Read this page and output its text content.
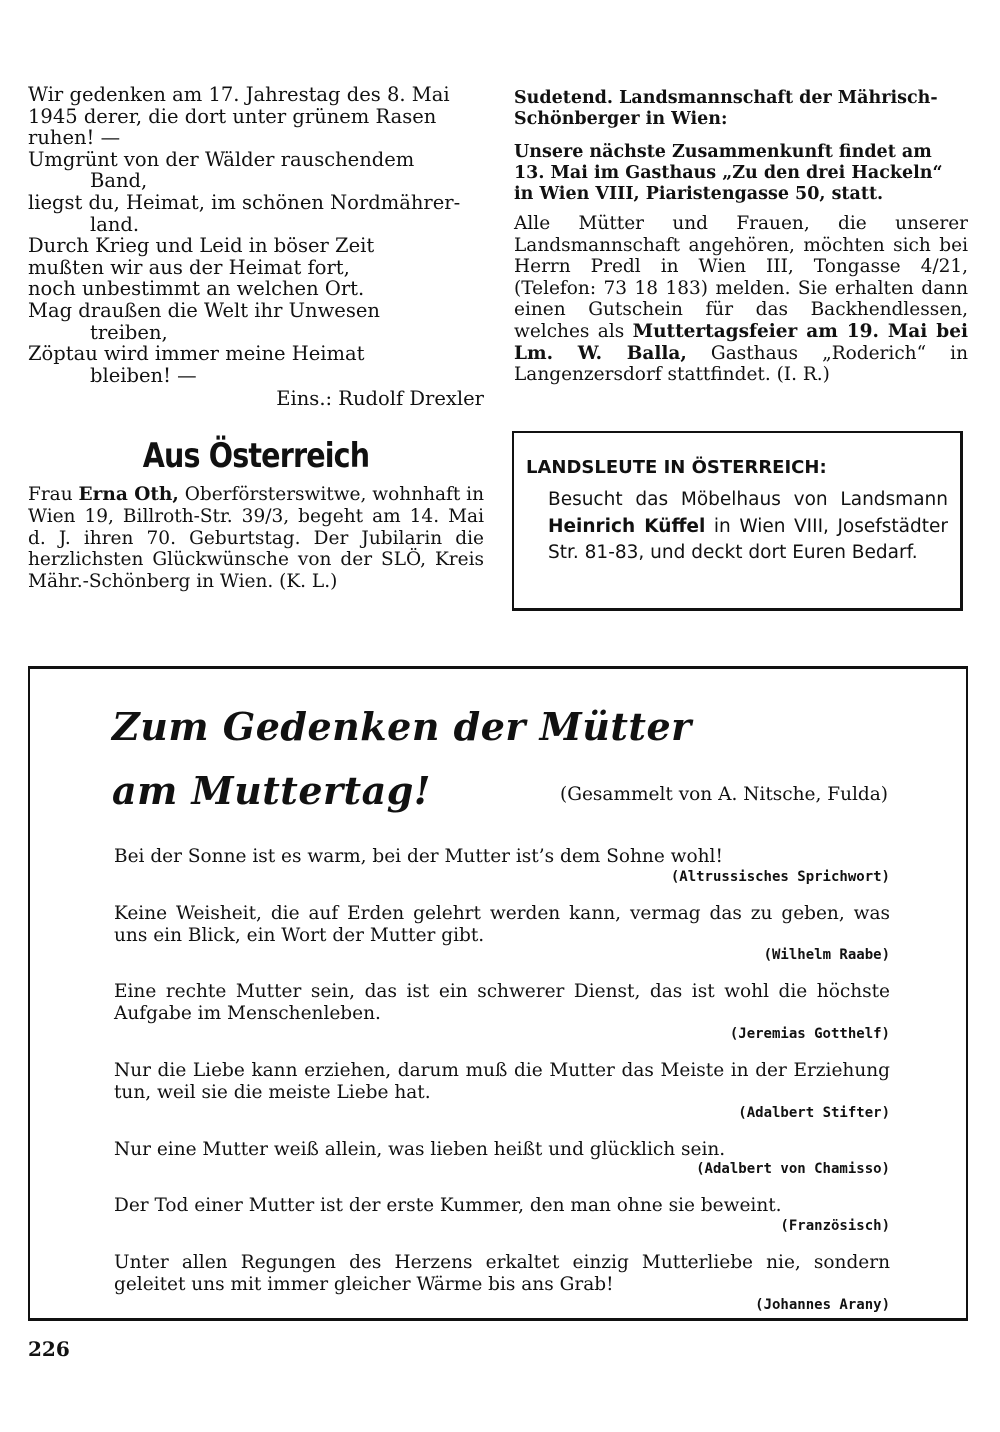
Wir gedenken am 17. Jahrestag des 8. Mai

1945 derer, die dort unter grünem Rasen

ruhen! —

Umgrünt von der Wälder rauschendem

Band,

liegst du, Heimat, im schönen Nordmährer-

land.

Durch Krieg und Leid in böser Zeit

mußten wir aus der Heimat fort,

noch unbestimmt an welchen Ort.

Mag draußen die Welt ihr Unwesen

treiben,

Zöptau wird immer meine Heimat

bleiben! —

Eins.: Rudolf Drexler

Sudetend. Landsmannschaft der Mährisch-Schönberger in Wien:
Unsere nächste Zusammenkunft findet am 13. Mai im Gasthaus „Zu den drei Hackeln“ in Wien VIII, Piaristengasse 50, statt.
Alle Mütter und Frauen, die unserer Landsmannschaft angehören, möchten sich bei Herrn Predl in Wien III, Tongasse 4/21, (Telefon: 73 18 183) melden. Sie erhalten dann einen Gutschein für das Backhendlessen, welches als Muttertagsfeier am 19. Mai bei Lm. W. Balla, Gasthaus „Roderich“ in Langenzersdorf stattfindet. (I. R.)
Aus Österreich
Frau Erna Oth, Oberförsterswitwe, wohnhaft in Wien 19, Billroth-Str. 39/3, begeht am 14. Mai d. J. ihren 70. Geburtstag. Der Jubilarin die herzlichsten Glückwünsche von der SLÖ, Kreis Mähr.-Schönberg in Wien. (K. L.)
LANDSLEUTE IN ÖSTERREICH:
Besucht das Möbelhaus von Landsmann Heinrich Küffel in Wien VIII, Josefstädter Str. 81-83, und deckt dort Euren Bedarf.
Zum Gedenken der Mütter
am Muttertag!	(Gesammelt von A. Nitsche, Fulda)
Bei der Sonne ist es warm, bei der Mutter ist’s dem Sohne wohl!
(Altrussisches Sprichwort)
Keine Weisheit, die auf Erden gelehrt werden kann, vermag das zu geben, was uns ein Blick, ein Wort der Mutter gibt.
(Wilhelm Raabe)
Eine rechte Mutter sein, das ist ein schwerer Dienst, das ist wohl die höchste Aufgabe im Menschenleben.
(Jeremias Gotthelf)
Nur die Liebe kann erziehen, darum muß die Mutter das Meiste in der Erziehung tun, weil sie die meiste Liebe hat.
(Adalbert Stifter)
Nur eine Mutter weiß allein, was lieben heißt und glücklich sein.
(Adalbert von Chamisso)
Der Tod einer Mutter ist der erste Kummer, den man ohne sie beweint.
(Französisch)
Unter allen Regungen des Herzens erkaltet einzig Mutterliebe nie, sondern geleitet uns mit immer gleicher Wärme bis ans Grab!
(Johannes Arany)
226
